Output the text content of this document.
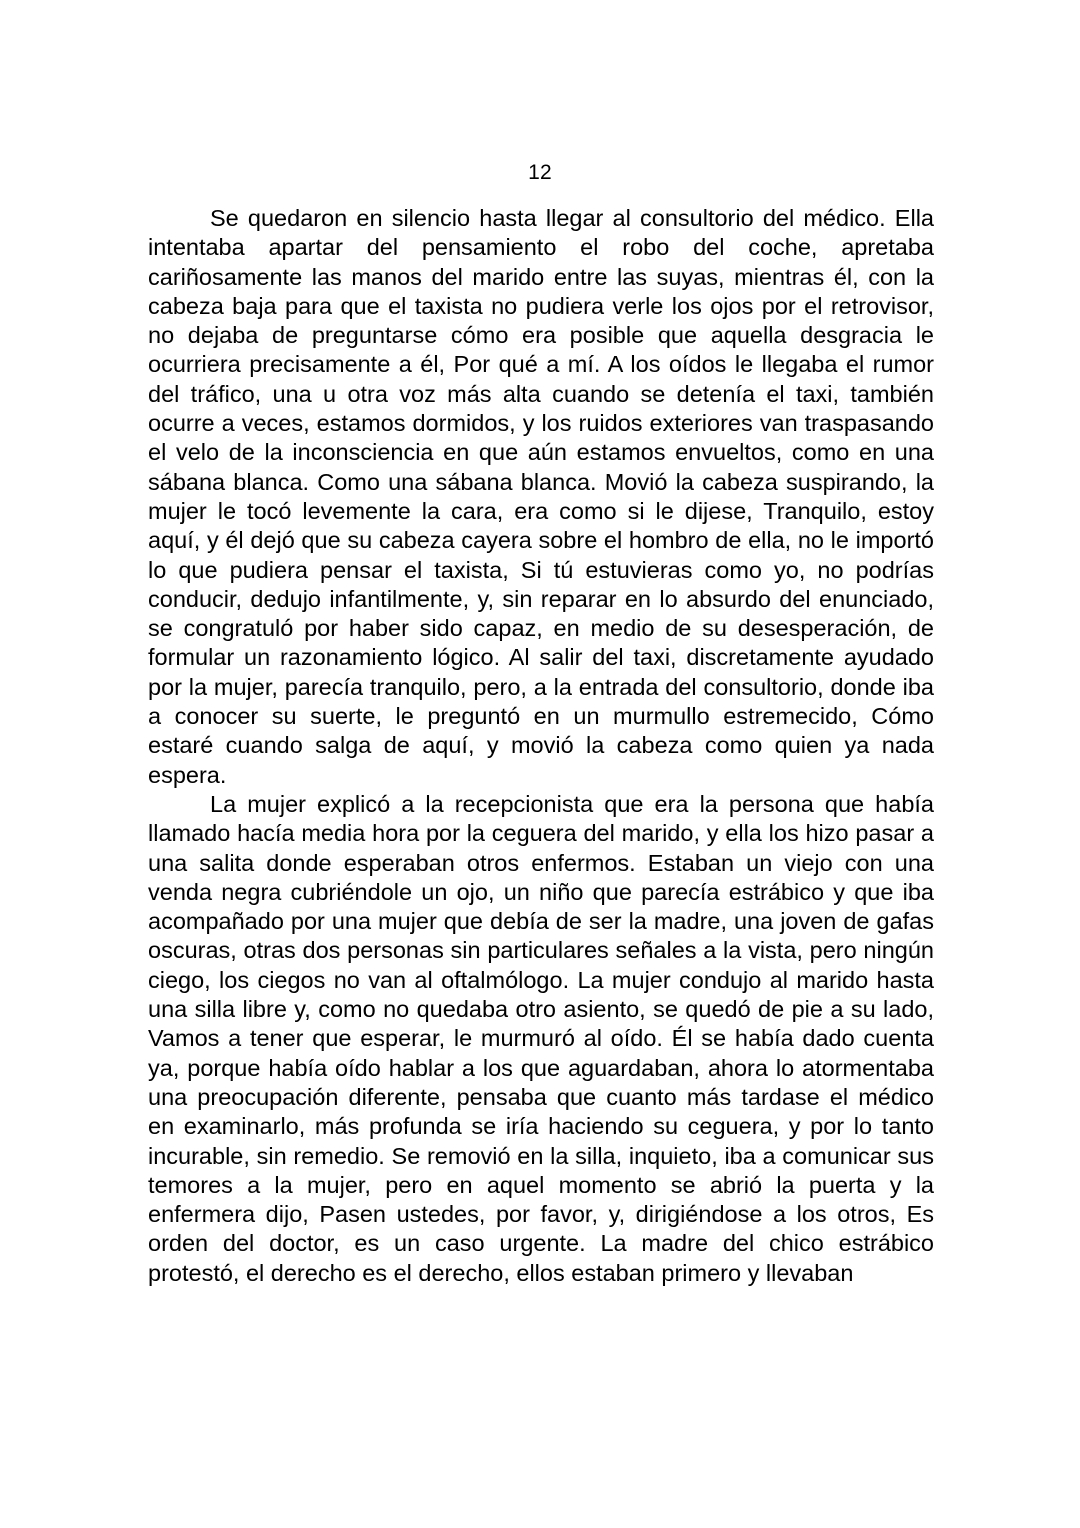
12

Se quedaron en silencio hasta llegar al consultorio del médico. Ella intentaba apartar del pensamiento el robo del coche, apretaba cariñosamente las manos del marido entre las suyas, mientras él, con la cabeza baja para que el taxista no pudiera verle los ojos por el retrovisor, no dejaba de preguntarse cómo era posible que aquella desgracia le ocurriera precisamente a él, Por qué a mí. A los oídos le llegaba el rumor del tráfico, una u otra voz más alta cuando se detenía el taxi, también ocurre a veces, estamos dormidos, y los ruidos exteriores van traspasando el velo de la inconsciencia en que aún estamos envueltos, como en una sábana blanca. Como una sábana blanca. Movió la cabeza suspirando, la mujer le tocó levemente la cara, era como si le dijese, Tranquilo, estoy aquí, y él dejó que su cabeza cayera sobre el hombro de ella, no le importó lo que pudiera pensar el taxista, Si tú estuvieras como yo, no podrías conducir, dedujo infantilmente, y, sin reparar en lo absurdo del enunciado, se congratuló por haber sido capaz, en medio de su desesperación, de formular un razonamiento lógico. Al salir del taxi, discretamente ayudado por la mujer, parecía tranquilo, pero, a la entrada del consultorio, donde iba a conocer su suerte, le preguntó en un murmullo estremecido, Cómo estaré cuando salga de aquí, y movió la cabeza como quien ya nada espera.

La mujer explicó a la recepcionista que era la persona que había llamado hacía media hora por la ceguera del marido, y ella los hizo pasar a una salita donde esperaban otros enfermos. Estaban un viejo con una venda negra cubriéndole un ojo, un niño que parecía estrábico y que iba acompañado por una mujer que debía de ser la madre, una joven de gafas oscuras, otras dos personas sin particulares señales a la vista, pero ningún ciego, los ciegos no van al oftalmólogo. La mujer condujo al marido hasta una silla libre y, como no quedaba otro asiento, se quedó de pie a su lado, Vamos a tener que esperar, le murmuró al oído. Él se había dado cuenta ya, porque había oído hablar a los que aguardaban, ahora lo atormentaba una preocupación diferente, pensaba que cuanto más tardase el médico en examinarlo, más profunda se iría haciendo su ceguera, y por lo tanto incurable, sin remedio. Se removió en la silla, inquieto, iba a comunicar sus temores a la mujer, pero en aquel momento se abrió la puerta y la enfermera dijo, Pasen ustedes, por favor, y, dirigiéndose a los otros, Es orden del doctor, es un caso urgente. La madre del chico estrábico protestó, el derecho es el derecho, ellos estaban primero y llevaban
